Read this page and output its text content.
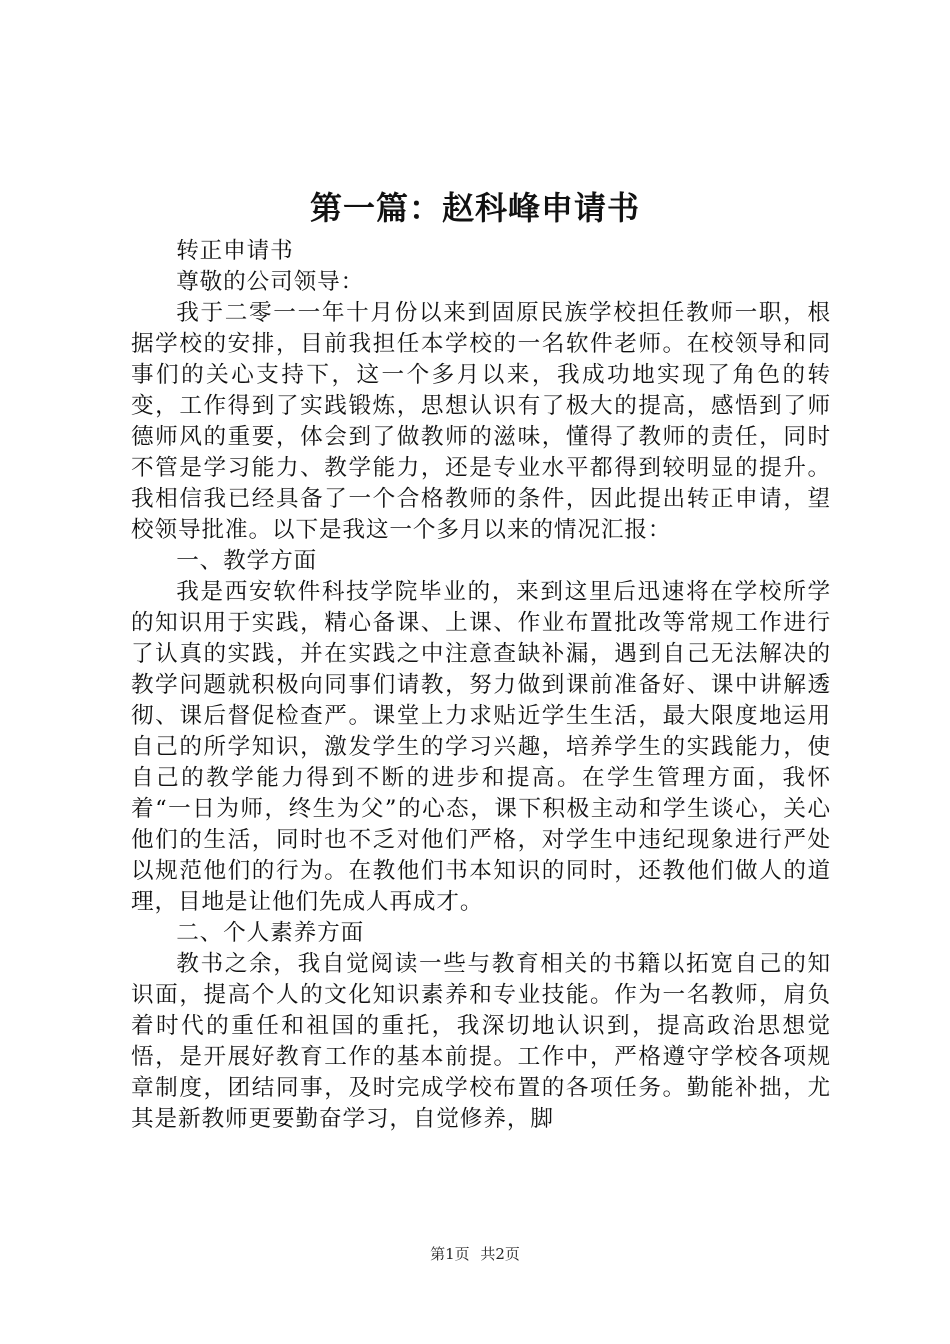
第一篇：赵科峰申请书

转正申请书

尊敬的公司领导：

我于二零一一年十月份以来到固原民族学校担任教师一职，根据学校的安排，目前我担任本学校的一名软件老师。在校领导和同事们的关心支持下，这一个多月以来，我成功地实现了角色的转变，工作得到了实践锻炼，思想认识有了极大的提高，感悟到了师德师风的重要，体会到了做教师的滋味，懂得了教师的责任，同时不管是学习能力、教学能力，还是专业水平都得到较明显的提升。我相信我已经具备了一个合格教师的条件，因此提出转正申请，望校领导批准。以下是我这一个多月以来的情况汇报：

一、教学方面

我是西安软件科技学院毕业的，来到这里后迅速将在学校所学的知识用于实践，精心备课、上课、作业布置批改等常规工作进行了认真的实践，并在实践之中注意查缺补漏，遇到自己无法解决的教学问题就积极向同事们请教，努力做到课前准备好、课中讲解透彻、课后督促检查严。课堂上力求贴近学生生活，最大限度地运用自己的所学知识，激发学生的学习兴趣，培养学生的实践能力，使自己的教学能力得到不断的进步和提高。在学生管理方面，我怀着“一日为师，终生为父”的心态，课下积极主动和学生谈心，关心他们的生活，同时也不乏对他们严格，对学生中违纪现象进行严处以规范他们的行为。在教他们书本知识的同时，还教他们做人的道理，目地是让他们先成人再成才。

二、个人素养方面

教书之余，我自觉阅读一些与教育相关的书籍以拓宽自己的知识面，提高个人的文化知识素养和专业技能。作为一名教师，肩负着时代的重任和祖国的重托，我深切地认识到，提高政治思想觉悟，是开展好教育工作的基本前提。工作中，严格遵守学校各项规章制度，团结同事，及时完成学校布置的各项任务。勤能补拙，尤其是新教师更要勤奋学习，自觉修养，脚

第1页 共2页
